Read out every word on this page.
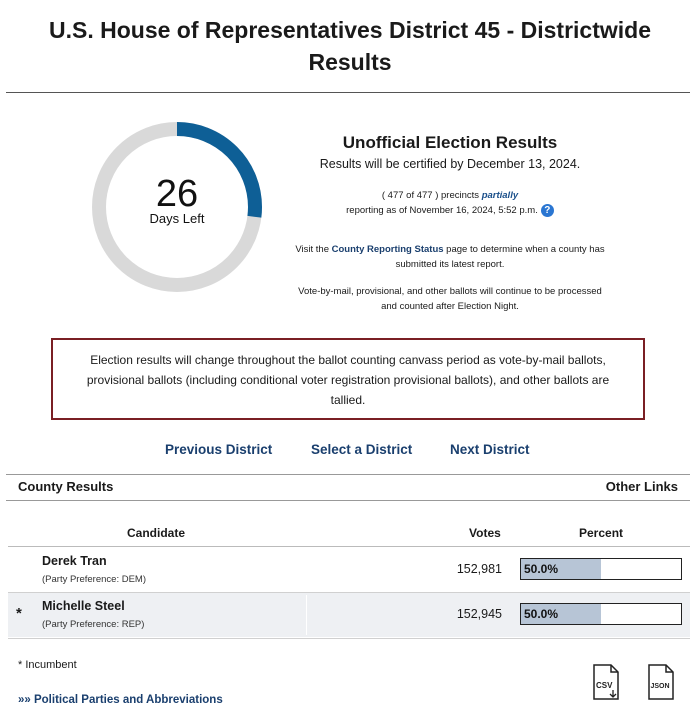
U.S. House of Representatives District 45 - Districtwide
Results
26
Days Left
Unofficial Election Results
Results will be certified by December 13, 2024.
( 477 of 477 ) precincts partially
reporting as of November 16, 2024, 5:52 p.m. ?
Visit the County Reporting Status page to determine when a county has submitted its latest report.
Vote-by-mail, provisional, and other ballots will continue to be processed and counted after Election Night.
Election results will change throughout the ballot counting canvass period as vote-by-mail ballots, provisional ballots (including conditional voter registration provisional ballots), and other ballots are tallied.
Previous District	Select a District	Next District
County Results	Other Links
Candidate	Votes	Percent
Derek Tran
(Party Preference: DEM)
152,981 50.0%
* Michelle Steel
(Party Preference: REP)
152,945 50.0%
* Incumbent
»» Political Parties and Abbreviations
CSV	JSON
